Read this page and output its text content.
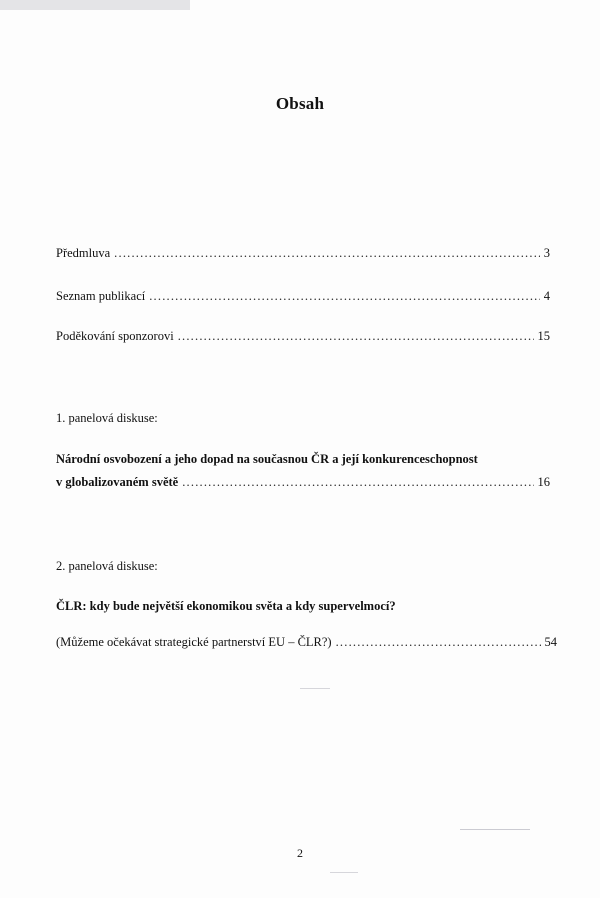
Obsah
Předmluva .....	3
Seznam publikací .....	4
Poděkování sponzorovi .....	15
1. panelová diskuse:
Národní osvobození a jeho dopad na současnou ČR a její konkurenceschopnost
v globalizovaném světě .....	16
2. panelová diskuse:
ČLR: kdy bude největší ekonomikou světa a kdy supervelmocí?
(Můžeme očekávat strategické partnerství EU – ČLR?) .....	54
2
